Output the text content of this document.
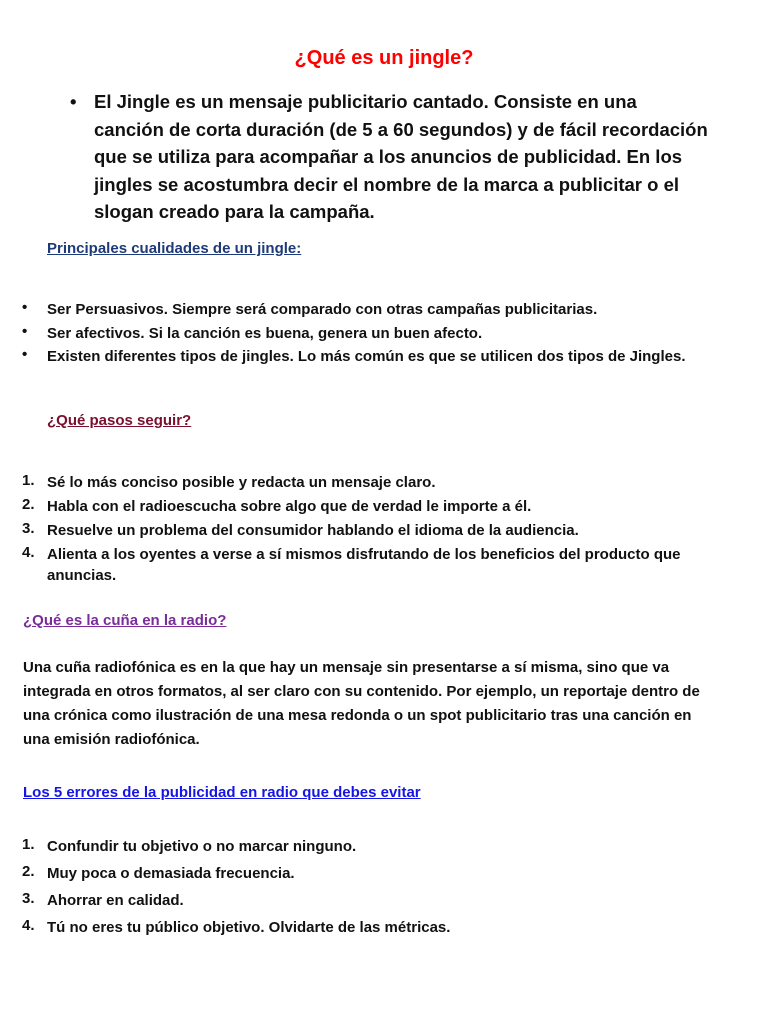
¿Qué es un jingle?
• El Jingle es un mensaje publicitario cantado. Consiste en una canción de corta duración (de 5 a 60 segundos) y de fácil recordación que se utiliza para acompañar a los anuncios de publicidad. En los jingles se acostumbra decir el nombre de la marca a publicitar o el slogan creado para la campaña.
Principales cualidades de un jingle:
• Ser Persuasivos. Siempre será comparado con otras campañas publicitarias.
• Ser afectivos. Si la canción es buena, genera un buen afecto.
• Existen diferentes tipos de jingles. Lo más común es que se utilicen dos tipos de Jingles.
¿Qué pasos seguir?
1. Sé lo más conciso posible y redacta un mensaje claro.
2. Habla con el radioescucha sobre algo que de verdad le importe a él.
3. Resuelve un problema del consumidor hablando el idioma de la audiencia.
4. Alienta a los oyentes a verse a sí mismos disfrutando de los beneficios del producto que anuncias.
¿Qué es la cuña en la radio?
Una cuña radiofónica es en la que hay un mensaje sin presentarse a sí misma, sino que va integrada en otros formatos, al ser claro con su contenido. Por ejemplo, un reportaje dentro de una crónica como ilustración de una mesa redonda o un spot publicitario tras una canción en una emisión radiofónica.
Los 5 errores de la publicidad en radio que debes evitar
1. Confundir tu objetivo o no marcar ninguno.
2. Muy poca o demasiada frecuencia.
3. Ahorrar en calidad.
4. Tú no eres tu público objetivo. Olvidarte de las métricas.
